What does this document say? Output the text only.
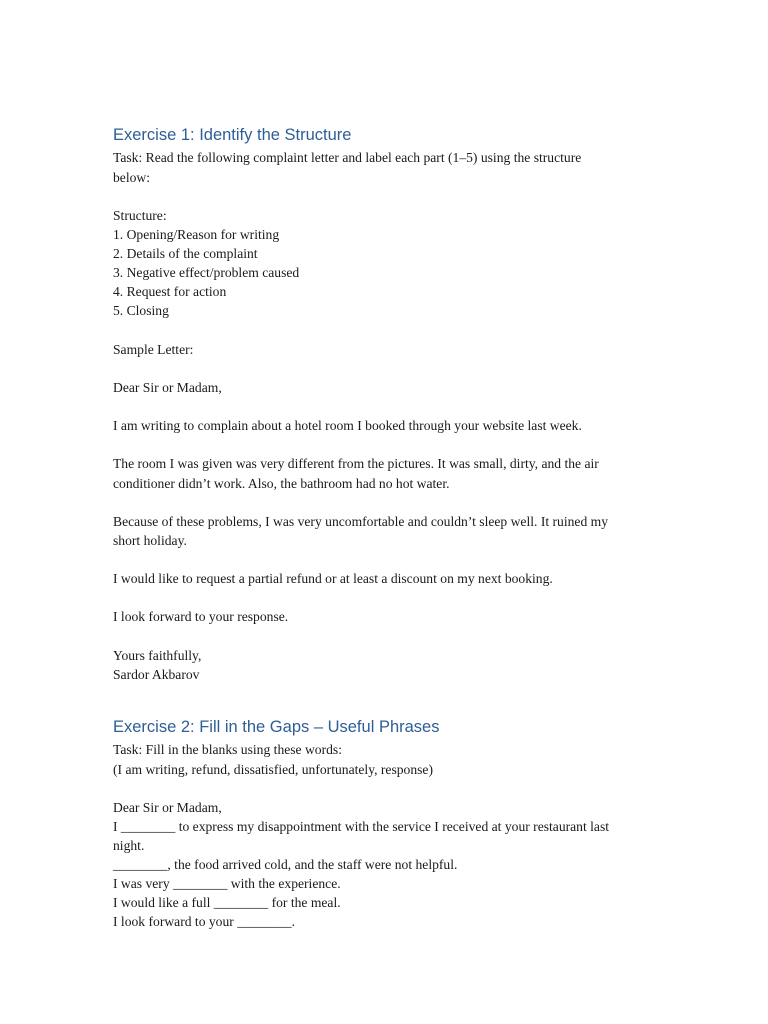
Exercise 1: Identify the Structure
Task: Read the following complaint letter and label each part (1–5) using the structure
below:
Structure:
1. Opening/Reason for writing
2. Details of the complaint
3. Negative effect/problem caused
4. Request for action
5. Closing
Sample Letter:
Dear Sir or Madam,
I am writing to complain about a hotel room I booked through your website last week.
The room I was given was very different from the pictures. It was small, dirty, and the air
conditioner didn’t work. Also, the bathroom had no hot water.
Because of these problems, I was very uncomfortable and couldn’t sleep well. It ruined my
short holiday.
I would like to request a partial refund or at least a discount on my next booking.
I look forward to your response.
Yours faithfully,
Sardor Akbarov
Exercise 2: Fill in the Gaps – Useful Phrases
Task: Fill in the blanks using these words:
(I am writing, refund, dissatisfied, unfortunately, response)
Dear Sir or Madam,
I ________ to express my disappointment with the service I received at your restaurant last
night.
________, the food arrived cold, and the staff were not helpful.
I was very ________ with the experience.
I would like a full ________ for the meal.
I look forward to your ________.
